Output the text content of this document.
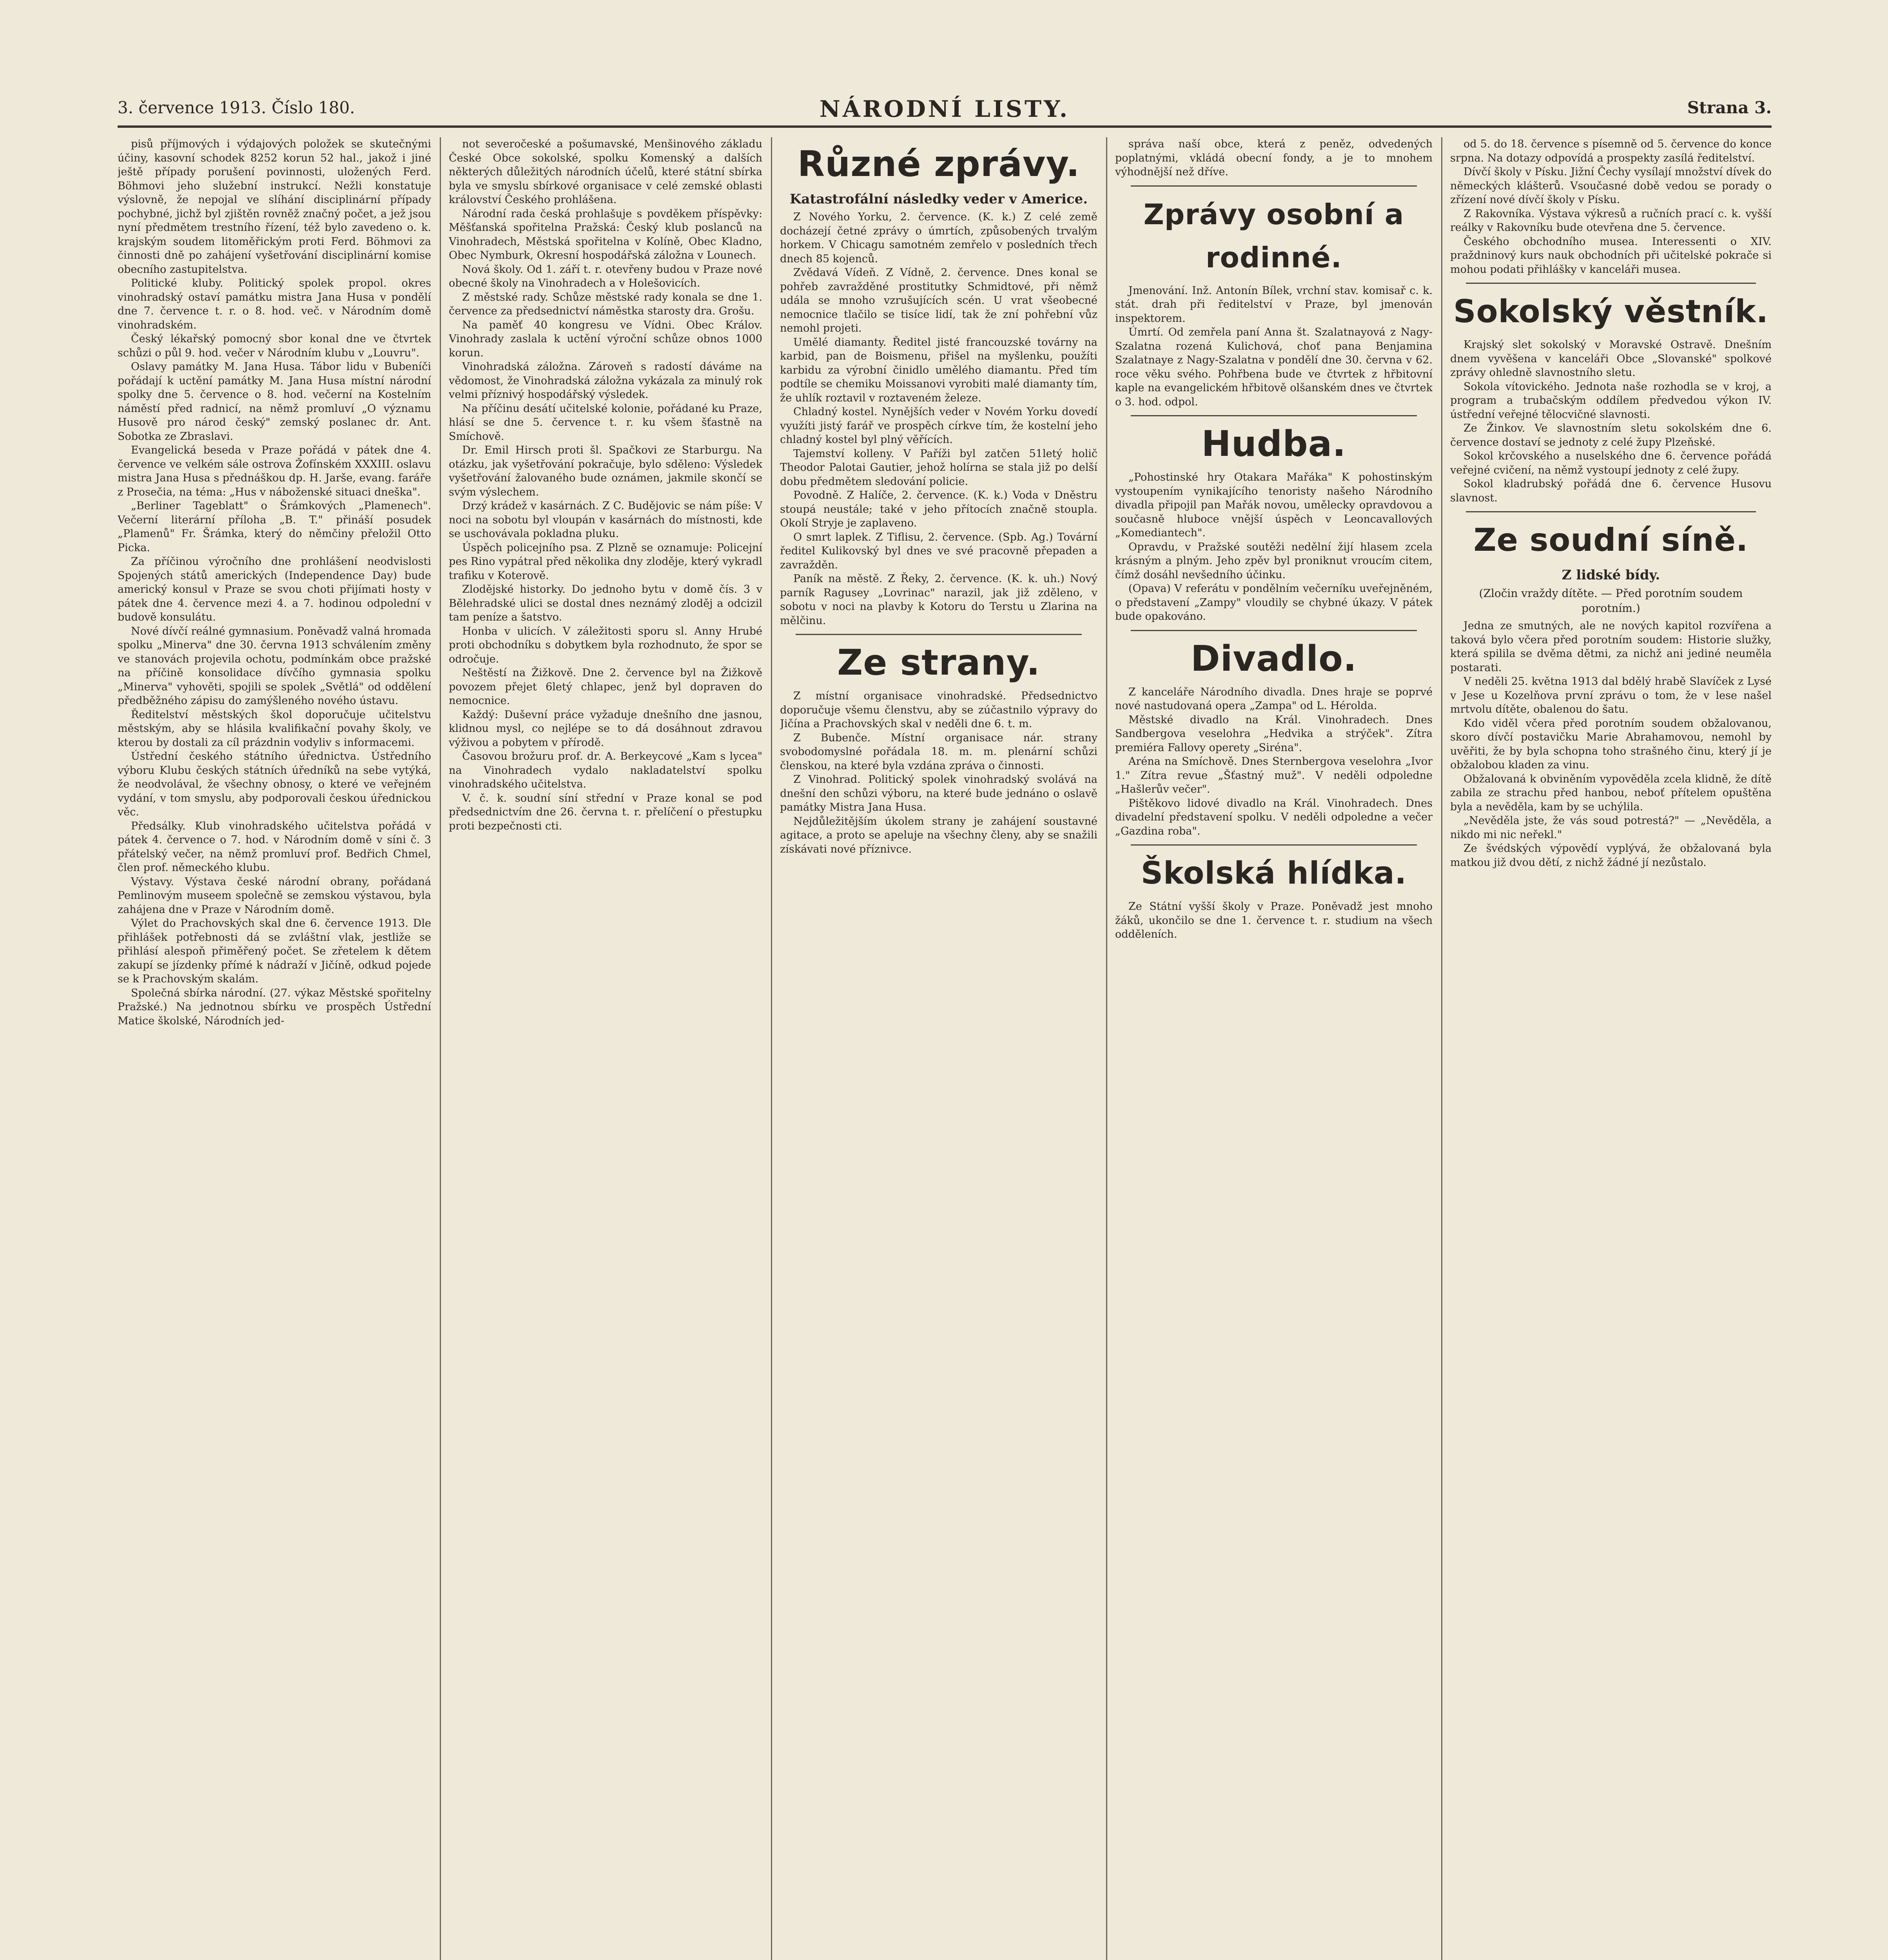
3. července 1913. Číslo 180.	NÁRODNÍ LISTY.	Strana 3.

pisů příjmových i výdajových položek se skutečnými účiny, kasovní schodek 8252 korun 52 hal., jakož i jiné ještě případy porušení povinnosti, uložených Ferd. Böhmovi jeho služební instrukcí. Nežli konstatuje výslovně, že nepojal ve slíhání disciplinární případy pochybné, jichž byl zjištěn rovněž značný počet, a jež jsou nyní předmětem trestního řízení, též bylo zavedeno o. k. krajským soudem litoměřickým proti Ferd. Böhmovi za činnosti dně po zahájení vyšetřování disciplinární komise obecního zastupitelstva.

Politické kluby. Politický spolek propol. okres vinohradský ostaví památku mistra Jana Husa v pondělí dne 7. července t. r. o 8. hod. več. v Národním domě vinohradském.

Český lékařský pomocný sbor konal dne ve čtvrtek schůzi o půl 9. hod. večer v Národním klubu v „Louvru".

Oslavy památky M. Jana Husa. Tábor lidu v Bubeníči pořádají k uctění památky M. Jana Husa místní národní spolky dne 5. července o 8. hod. večerní na Kostelním náměstí před radnicí, na němž promluví „O významu Husově pro národ český" zemský poslanec dr. Ant. Sobotka ze Zbraslavi.

Evangelická beseda v Praze pořádá v pátek dne 4. července ve velkém sále ostrova Žofínském XXXIII. oslavu mistra Jana Husa s přednáškou dp. H. Jarše, evang. faráře z Prosečia, na téma: „Hus v náboženské situaci dneška".

„Berliner Tageblatt" o Šrámkových „Plamenech". Večerní literární příloha „B. T." přináší posudek „Plamenů" Fr. Šrámka, který do němčiny přeložil Otto Picka.

Za příčinou výročního dne prohlášení neodvislosti Spojených států amerických (Independence Day) bude americký konsul v Praze se svou choti přijímati hosty v pátek dne 4. července mezi 4. a 7. hodinou odpolední v budově konsulátu.

Nové dívčí reálné gymnasium. Poněvadž valná hromada spolku „Minerva" dne 30. června 1913 schválením změny ve stanovách projevila ochotu, podmínkám obce pražské na příčině konsolidace dívčího gymnasia spolku „Minerva" vyhověti, spojili se spolek „Světlá" od oddělení předběžného zápisu do zamýšleného nového ústavu.

Ředitelství městských škol doporučuje učitelstvu městským, aby se hlásila kvalifikační povahy školy, ve kterou by dostali za cíl prázdnin vodyliv s informacemi.

Ústřední českého státního úřednictva. Ústředního výboru Klubu českých státních úředníků na sebe vytýká, že neodvolával, že všechny obnosy, o které ve veřejném vydání, v tom smyslu, aby podporovali českou úřednickou věc.

Předsálky. Klub vinohradského učitelstva pořádá v pátek 4. července o 7. hod. v Národním domě v síni č. 3 přátelský večer, na němž promluví prof. Bedřich Chmel, člen prof. německého klubu.

Výstavy. Výstava české národní obrany, pořádaná Pemlinovým museem společně se zemskou výstavou, byla zahájena dne v Praze v Národním domě.

Výlet do Prachovských skal dne 6. července 1913. Dle přihlášek potřebnosti dá se zvláštní vlak, jestliže se přihlásí alespoň přiměřený počet. Se zřetelem k dětem zakupí se jízdenky přímé k nádraží v Jičíně, odkud pojede se k Prachovským skalám.

Společná sbírka národní. (27. výkaz Městské spořitelny Pražské.) Na jednotnou sbírku ve prospěch Ústřední Matice školské, Národních jed-

not severočeské a pošumavské, Menšinového základu České Obce sokolské, spolku Komenský a dalších některých důležitých národních účelů, které státní sbírka byla ve smyslu sbírkové organisace v celé zemské oblasti království Českého prohlášena.

Národní rada česká prohlašuje s povděkem příspěvky: Měšťanská spořitelna Pražská: Český klub poslanců na Vinohradech, Městská spořitelna v Kolíně, Obec Kladno, Obec Nymburk, Okresní hospodářská záložna v Lounech.

Nová školy. Od 1. září t. r. otevřeny budou v Praze nové obecné školy na Vinohradech a v Holešovicích.

Z městské rady. Schůze městské rady konala se dne 1. července za předsednictví náměstka starosty dra. Grošu.

Na paměť 40 kongresu ve Vídni. Obec Králov. Vinohrady zaslala k uctění výroční schůze obnos 1000 korun.

Vinohradská záložna. Zároveň s radostí dáváme na vědomost, že Vinohradská záložna vykázala za minulý rok velmi příznivý hospodářský výsledek.

Na příčinu desátí učitelské kolonie, pořádané ku Praze, hlásí se dne 5. července t. r. ku všem šťastně na Smíchově.

Dr. Emil Hirsch proti šl. Spačkovi ze Starburgu. Na otázku, jak vyšetřování pokračuje, bylo sděleno: Výsledek vyšetřování žalovaného bude oznámen, jakmile skončí se svým výslechem.

Drzý krádež v kasárnách. Z C. Budějovic se nám píše: V noci na sobotu byl vloupán v kasárnách do místnosti, kde se uschovávala pokladna pluku.

Úspěch policejního psa. Z Plzně se oznamuje: Policejní pes Rino vypátral před několika dny zloděje, který vykradl trafiku v Koterově.

Zlodějské historky. Do jednoho bytu v domě čís. 3 v Bělehradské ulici se dostal dnes neznámý zloděj a odcizil tam peníze a šatstvo.

Honba v ulicích. V záležitosti sporu sl. Anny Hrubé proti obchodníku s dobytkem byla rozhodnuto, že spor se odročuje.

Neštěstí na Žižkově. Dne 2. července byl na Žižkově povozem přejet 6letý chlapec, jenž byl dopraven do nemocnice.

Každý: Duševní práce vyžaduje dnešního dne jasnou, klidnou mysl, co nejlépe se to dá dosáhnout zdravou výživou a pobytem v přírodě.

Časovou brožuru prof. dr. A. Berkeycové „Kam s lycea" na Vinohradech vydalo nakladatelství spolku vinohradského učitelstva.

V. č. k. soudní síní střední v Praze konal se pod předsednictvím dne 26. června t. r. přelíčení o přestupku proti bezpečnosti cti.

Různé zprávy.
Katastrofální následky veder v Americe.

Z Nového Yorku, 2. července. (K. k.) Z celé země docházejí četné zprávy o úmrtích, způsobených trvalým horkem. V Chicagu samotném zemřelo v posledních třech dnech 85 kojenců.

Zvědavá Vídeň. Z Vídně, 2. července. Dnes konal se pohřeb zavražděné prostitutky Schmidtové, při němž udála se mnoho vzrušujících scén. U vrat všeobecné nemocnice tlačilo se tisíce lidí, tak že zní pohřební vůz nemohl projeti.

Umělé diamanty. Ředitel jisté francouzské továrny na karbid, pan de Boismenu, přišel na myšlenku, použíti karbidu za výrobní činidlo umělého diamantu. Před tím podtíle se chemiku Moissanovi vyrobiti malé diamanty tím, že uhlík roztavil v roztaveném železe.

Chladný kostel. Nynějších veder v Novém Yorku dovedí využíti jistý farář ve prospěch církve tím, že kostelní jeho chladný kostel byl plný věřících.

Tajemství kolleny. V Paříži byl zatčen 51letý holič Theodor Palotai Gautier, jehož holírna se stala již po delší dobu předmětem sledování policie.

Povodně. Z Halíče, 2. července. (K. k.) Voda v Dněstru stoupá neustále; také v jeho přítocích značně stoupla. Okolí Stryje je zaplaveno.

O smrt laplek. Z Tiflisu, 2. července. (Spb. Ag.) Tovární ředitel Kulikovský byl dnes ve své pracovně přepaden a zavražděn.

Paník na městě. Z Řeky, 2. července. (K. k. uh.) Nový parník Ragusey „Lovrinac" narazil, jak již zděleno, v sobotu v noci na plavby k Kotoru do Terstu u Zlarina na mělčinu.

Ze strany.

Z místní organisace vinohradské. Předsednictvo doporučuje všemu členstvu, aby se zúčastnilo výpravy do Jičína a Prachovských skal v neděli dne 6. t. m.

Z Bubenče. Místní organisace nár. strany svobodomyslné pořádala 18. m. m. plenární schůzi členskou, na které byla vzdána zpráva o činnosti.

Z Vinohrad. Politický spolek vinohradský svolává na dnešní den schůzi výboru, na které bude jednáno o oslavě památky Mistra Jana Husa.

Nejdůležitějším úkolem strany je zahájení soustavné agitace, a proto se apeluje na všechny členy, aby se snažili získávati nové příznivce.

správa naší obce, která z peněz, odvedených poplatnými, vkládá obecní fondy, a je to mnohem výhodnější než dříve.

Zprávy osobní a rodinné.

Jmenování. Inž. Antonín Bílek, vrchní stav. komisař c. k. stát. drah při ředitelství v Praze, byl jmenován inspektorem.

Úmrtí. Od zemřela paní Anna št. Szalatnayová z Nagy-Szalatna rozená Kulichová, choť pana Benjamina Szalatnaye z Nagy-Szalatna v pondělí dne 30. června v 62. roce věku svého. Pohřbena bude ve čtvrtek z hřbitovní kaple na evangelickém hřbitově olšanském dnes ve čtvrtek o 3. hod. odpol.

Hudba.

„Pohostinské hry Otakara Mařáka" K pohostinským vystoupením vynikajícího tenoristy našeho Národního divadla připojil pan Mařák novou, umělecky opravdovou a současně hluboce vnější úspěch v Leoncavallových „Komediantech".

Opravdu, v Pražské soutěži nedělní žijí hlasem zcela krásným a plným. Jeho zpěv byl proniknut vroucím citem, čímž dosáhl nevšedního účinku.

(Opava) V referátu v pondělním večerníku uveřejněném, o představení „Zampy" vloudily se chybné úkazy. V pátek bude opakováno.

Divadlo.

Z kanceláře Národního divadla. Dnes hraje se poprvé nové nastudovaná opera „Zampa" od L. Hérolda.

Městské divadlo na Král. Vinohradech. Dnes Sandbergova veselohra „Hedvika a strýček". Zítra premiéra Fallovy operety „Siréna".

Aréna na Smíchově. Dnes Sternbergova veselohra „Ivor 1." Zítra revue „Šťastný muž". V neděli odpoledne „Hašlerův večer".

Pištěkovo lidové divadlo na Král. Vinohradech. Dnes divadelní představení spolku. V neděli odpoledne a večer „Gazdina roba".

Školská hlídka.

Ze Státní vyšší školy v Praze. Poněvadž jest mnoho žáků, ukončilo se dne 1. července t. r. studium na všech odděleních.

od 5. do 18. července s písemně od 5. července do konce srpna. Na dotazy odpovídá a prospekty zasílá ředitelství.

Dívčí školy v Písku. Jižní Čechy vysílají množství dívek do německých klášterů. Vsoučasné době vedou se porady o zřízení nové dívčí školy v Písku.

Z Rakovníka. Výstava výkresů a ručních prací c. k. vyšší reálky v Rakovníku bude otevřena dne 5. července.

Českého obchodního musea. Interessenti o XIV. praždninový kurs nauk obchodních při učitelské pokrače si mohou podati přihlášky v kanceláři musea.

Sokolský věstník.

Krajský slet sokolský v Moravské Ostravě. Dnešním dnem vyvěšena v kanceláři Obce „Slovanské" spolkové zprávy ohledně slavnostního sletu.

Sokola vítovického. Jednota naše rozhodla se v kroj, a program a trubačským oddílem předvedou výkon IV. ústřední veřejné tělocvičné slavnosti.

Ze Žinkov. Ve slavnostním sletu sokolském dne 6. července dostaví se jednoty z celé župy Plzeňské.

Sokol krčovského a nuselského dne 6. července pořádá veřejné cvičení, na němž vystoupí jednoty z celé župy.

Sokol kladrubský pořádá dne 6. července Husovu slavnost.

Ze soudní síně.
Z lidské bídy.
(Zločin vraždy dítěte. — Před porotním soudem porotním.)

Jedna ze smutných, ale ne nových kapitol rozvířena a taková bylo včera před porotním soudem: Historie služky, která spilila se dvěma dětmi, za nichž ani jediné neuměla postarati.

V neděli 25. května 1913 dal bdělý hrabě Slavíček z Lysé v Jese u Kozelňova první zprávu o tom, že v lese našel mrtvolu dítěte, obalenou do šatu.

Kdo viděl včera před porotním soudem obžalovanou, skoro dívčí postavičku Marie Abrahamovou, nemohl by uvěřiti, že by byla schopna toho strašného činu, který jí je obžalobou kladen za vinu.

Obžalovaná k obviněním vypověděla zcela klidně, že dítě zabila ze strachu před hanbou, neboť přítelem opuštěna byla a nevěděla, kam by se uchýlila.

„Nevěděla jste, že vás soud potrestá?" — „Nevěděla, a nikdo mi nic neřekl."

Ze švédských výpovědí vyplývá, že obžalovaná byla matkou již dvou dětí, z nichž žádné jí nezůstalo.
